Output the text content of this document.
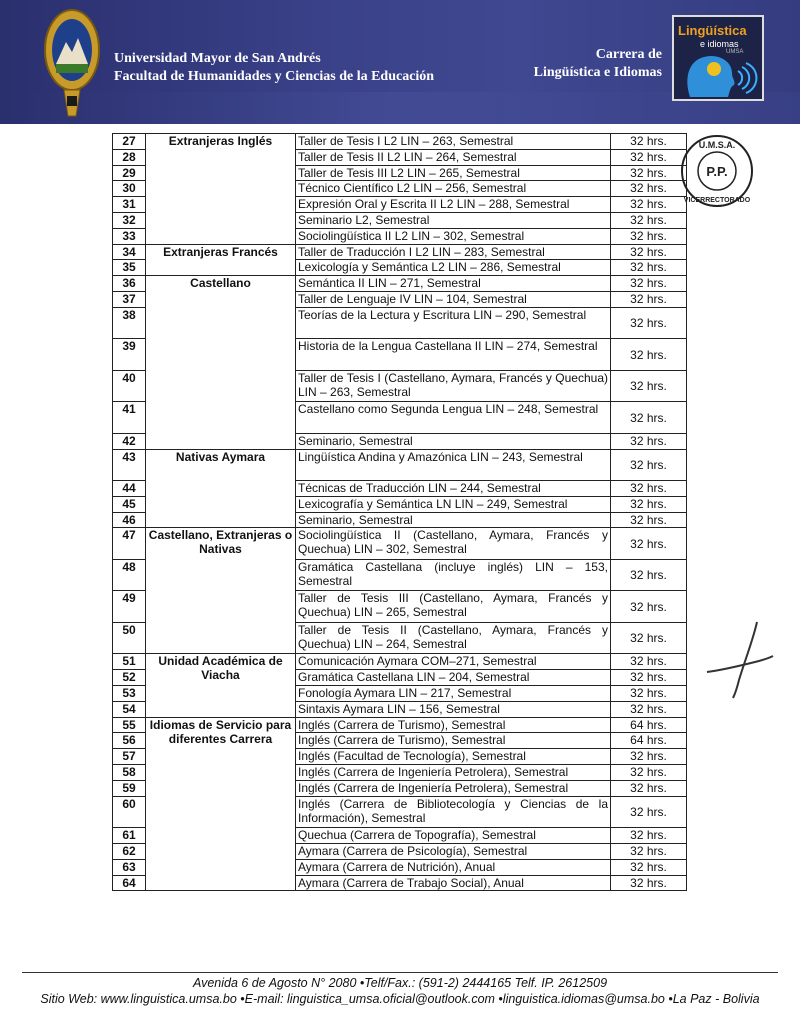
Universidad Mayor de San Andrés
Facultad de Humanidades y Ciencias de la Educación
Carrera de
Lingüística e Idiomas
Lingüística
e idiomas
UMSA
U.M.S.A.
P.P.
VICERRECTORADO
27	Extranjeras Inglés	Taller de Tesis I L2 LIN – 263, Semestral	32 hrs.
28		Taller de Tesis II L2 LIN – 264, Semestral	32 hrs.
29		Taller de Tesis III L2 LIN – 265, Semestral	32 hrs.
30		Técnico Científico L2 LIN – 256, Semestral	32 hrs.
31		Expresión Oral y Escrita II L2 LIN – 288, Semestral	32 hrs.
32		Seminario L2, Semestral	32 hrs.
33		Sociolingüística II L2 LIN – 302, Semestral	32 hrs.
34	Extranjeras Francés	Taller de Traducción I L2 LIN – 283, Semestral	32 hrs.
35		Lexicología y Semántica L2 LIN – 286, Semestral	32 hrs.
36	Castellano	Semántica II LIN – 271, Semestral	32 hrs.
37		Taller de Lenguaje IV LIN – 104, Semestral	32 hrs.
38		Teorías de la Lectura y Escritura LIN – 290, Semestral	32 hrs.
39		Historia de la Lengua Castellana II LIN – 274, Semestral	32 hrs.
40		Taller de Tesis I (Castellano, Aymara, Francés y Quechua) LIN – 263, Semestral	32 hrs.
41		Castellano como Segunda Lengua LIN – 248, Semestral	32 hrs.
42		Seminario, Semestral	32 hrs.
43	Nativas Aymara	Lingüística Andina y Amazónica LIN – 243, Semestral	32 hrs.
44		Técnicas de Traducción LIN – 244, Semestral	32 hrs.
45		Lexicografía y Semántica LN LIN – 249, Semestral	32 hrs.
46		Seminario, Semestral	32 hrs.
47	Castellano, Extranjeras o Nativas	Sociolingüística II (Castellano, Aymara, Francés y Quechua) LIN – 302, Semestral	32 hrs.
48		Gramática Castellana (incluye inglés) LIN – 153, Semestral	32 hrs.
49		Taller de Tesis III (Castellano, Aymara, Francés y Quechua) LIN – 265, Semestral	32 hrs.
50		Taller de Tesis II (Castellano, Aymara, Francés y Quechua) LIN – 264, Semestral	32 hrs.
51	Unidad Académica de Viacha	Comunicación Aymara COM–271, Semestral	32 hrs.
52		Gramática Castellana LIN – 204, Semestral	32 hrs.
53		Fonología Aymara LIN – 217, Semestral	32 hrs.
54		Sintaxis Aymara LIN – 156, Semestral	32 hrs.
55	Idiomas de Servicio para diferentes Carrera	Inglés (Carrera de Turismo), Semestral	64 hrs.
56		Inglés (Carrera de Turismo), Semestral	64 hrs.
57		Inglés (Facultad de Tecnología), Semestral	32 hrs.
58		Inglés (Carrera de Ingeniería Petrolera), Semestral	32 hrs.
59		Inglés (Carrera de Ingeniería Petrolera), Semestral	32 hrs.
60		Inglés (Carrera de Bibliotecología y Ciencias de la Información), Semestral	32 hrs.
61		Quechua (Carrera de Topografía), Semestral	32 hrs.
62		Aymara (Carrera de Psicología), Semestral	32 hrs.
63		Aymara (Carrera de Nutrición), Anual	32 hrs.
64		Aymara (Carrera de Trabajo Social), Anual	32 hrs.
Avenida 6 de Agosto N° 2080 •Telf/Fax.: (591-2) 2444165 Telf. IP. 2612509
Sitio Web: www.linguistica.umsa.bo •E-mail: linguistica_umsa.oficial@outlook.com •linguistica.idiomas@umsa.bo •La Paz - Bolivia
